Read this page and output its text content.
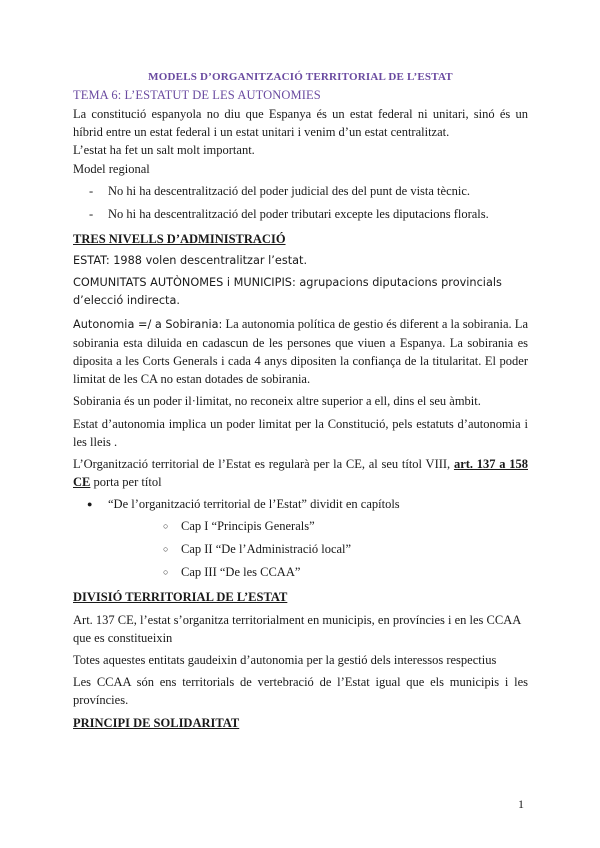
MODELS D’ORGANITZACIÓ TERRITORIAL DE L’ESTAT

TEMA 6: L’ESTATUT DE LES AUTONOMIES

La constitució espanyola no diu que Espanya és un estat federal ni unitari, sinó és un híbrid entre un estat federal i un estat unitari i venim d’un estat centralitzat.

L’estat ha fet un salt molt important.

Model regional

- No hi ha descentralització del poder judicial des del punt de vista tècnic.
- No hi ha descentralització del poder tributari excepte les diputacions florals.

TRES NIVELLS D’ADMINISTRACIÓ

ESTAT: 1988 volen descentralitzar l’estat.

COMUNITATS AUTÒNOMES i MUNICIPIS: agrupacions diputacions provincials d’elecció indirecta.

Autonomia =/ a Sobirania: La autonomia política de gestio és diferent a la sobirania. La sobirania esta diluida en cadascun de les persones que viuen a Espanya. La sobirania es diposita a les Corts Generals i cada 4 anys dipositen la confiança de la titularitat. El poder limitat de les CA no estan dotades de sobirania.

Sobirania és un poder il·limitat, no reconeix altre superior a ell, dins el seu àmbit.

Estat d’autonomia implica un poder limitat per la Constitució, pels estatuts d’autonomia i les lleis .

L’Organització territorial de l’Estat es regularà per la CE, al seu títol VIII, art. 137 a 158 CE porta per títol

● “De l’organització territorial de l’Estat” dividit en capítols
○ Cap I “Principis Generals”
○ Cap II “De l’Administració local”
○ Cap III “De les CCAA”

DIVISIÓ TERRITORIAL DE L’ESTAT

Art. 137 CE, l’estat s’organitza territorialment en municipis, en províncies i en les CCAA que es constitueixin

Totes aquestes entitats gaudeixin d’autonomia per la gestió dels interessos respectius

Les CCAA són ens territorials de vertebració de l’Estat igual que els municipis i les províncies.

PRINCIPI DE SOLIDARITAT

1
